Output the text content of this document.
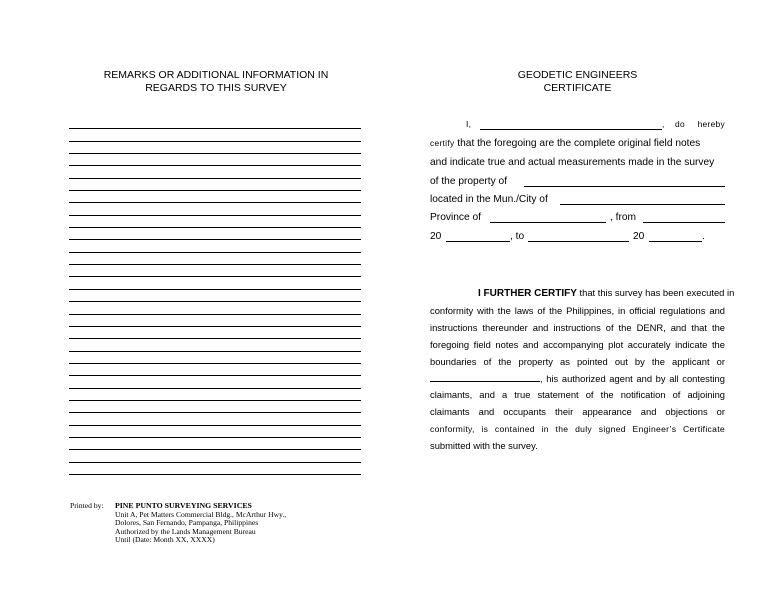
REMARKS OR ADDITIONAL INFORMATION IN
REGARDS TO THIS SURVEY
GEODETIC ENGINEERS
CERTIFICATE
I,	, do hereby
certify that the foregoing are the complete original field notes
and indicate true and actual measurements made in the survey
of the property of
located in the Mun./City of
Province of	, from
20	, to	20	.
I FURTHER CERTIFY that this survey has been executed in
conformity with the laws of the Philippines, in official regulations and
instructions thereunder and instructions of the DENR, and that the
foregoing field notes and accompanying plot accurately indicate the
boundaries of the property as pointed out by the applicant or
, his authorized agent and by all contesting
claimants, and a true statement of the notification of adjoining
claimants and occupants their appearance and objections or
conformity, is contained in the duly signed Engineer’s Certificate
submitted with the survey.
Printed by:	PINE PUNTO SURVEYING SERVICES
Unit A, Pet Matters Commercial Bldg., McArthur Hwy.,
Dolores, San Fernando, Pampanga, Philippines
Authorized by the Lands Management Bureau
Until (Date: Month XX, XXXX)
